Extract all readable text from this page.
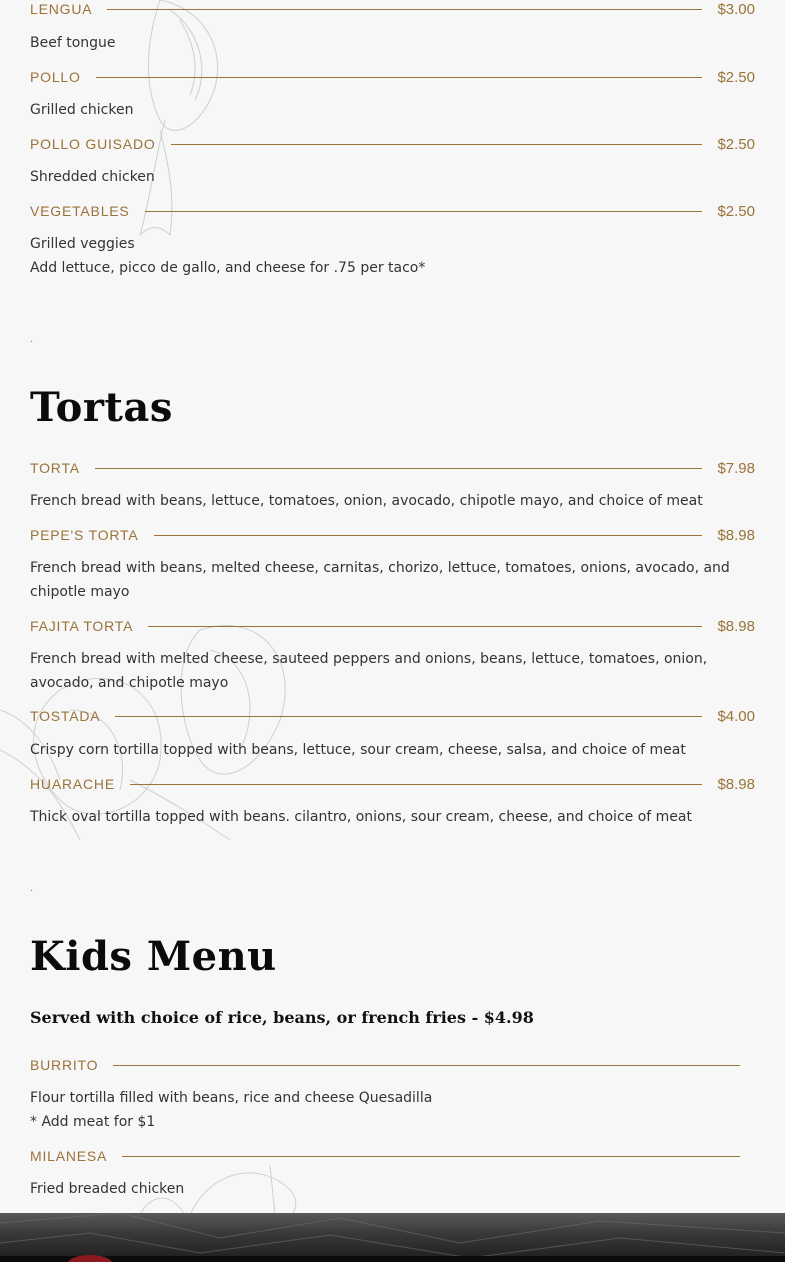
LENGUA	$3.00
Beef tongue
POLLO	$2.50
Grilled chicken
POLLO GUISADO	$2.50
Shredded chicken
VEGETABLES	$2.50
Grilled veggies
Add lettuce, picco de gallo, and cheese for .75 per taco*
.
Tortas
TORTA	$7.98
French bread with beans, lettuce, tomatoes, onion, avocado, chipotle mayo, and choice of meat
PEPE'S TORTA	$8.98
French bread with beans, melted cheese, carnitas, chorizo, lettuce, tomatoes, onions, avocado, and chipotle mayo
FAJITA TORTA	$8.98
French bread with melted cheese, sauteed peppers and onions, beans, lettuce, tomatoes, onion, avocado, and chipotle mayo
TOSTADA	$4.00
Crispy corn tortilla topped with beans, lettuce, sour cream, cheese, salsa, and choice of meat
HUARACHE	$8.98
Thick oval tortilla topped with beans. cilantro, onions, sour cream, cheese, and choice of meat
.
Kids Menu
Served with choice of rice, beans, or french fries - $4.98
BURRITO
Flour tortilla filled with beans, rice and cheese Quesadilla
* Add meat for $1
MILANESA
Fried breaded chicken
